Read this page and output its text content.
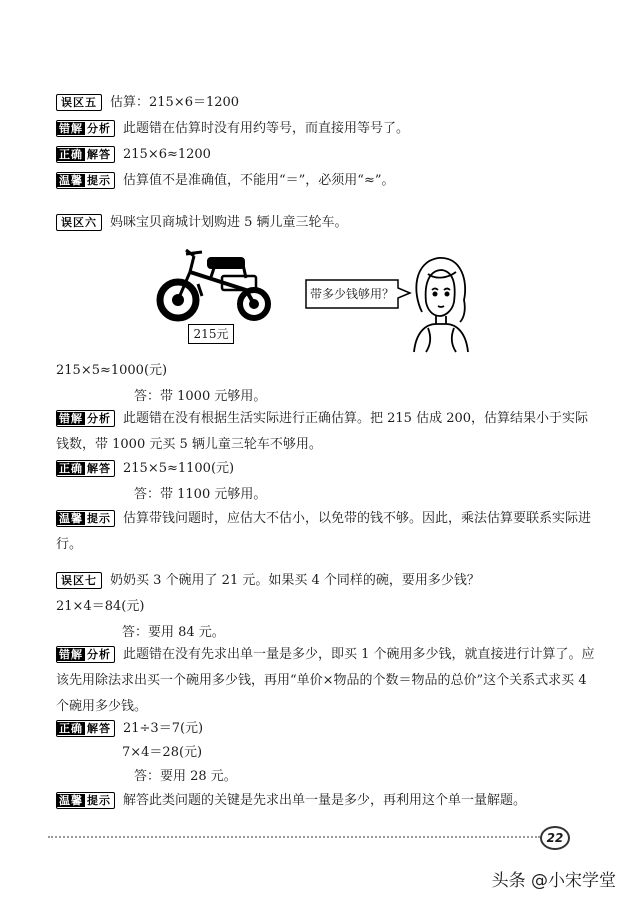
误区五 估算：215×6＝1200
错解 分析 此题错在估算时没有用约等号，而直接用等号了。
正确 解答 215×6≈1200
温馨 提示 估算值不是准确值，不能用“＝”，必须用“≈”。
误区六 妈咪宝贝商城计划购进 5 辆儿童三轮车。
215元
带多少钱够用？
215×5≈1000(元)
答：带 1000 元够用。
错解 分析 此题错在没有根据生活实际进行正确估算。把 215 估成 200，估算结果小于实际钱数，带 1000 元买 5 辆儿童三轮车不够用。
正确 解答 215×5≈1100(元)
答：带 1100 元够用。
温馨 提示 估算带钱问题时，应估大不估小，以免带的钱不够。因此，乘法估算要联系实际进行。
误区七 奶奶买 3 个碗用了 21 元。如果买 4 个同样的碗，要用多少钱？
21×4＝84(元)
答：要用 84 元。
错解 分析 此题错在没有先求出单一量是多少，即买 1 个碗用多少钱，就直接进行计算了。应该先用除法求出买一个碗用多少钱，再用“单价×物品的个数＝物品的总价”这个关系式求买 4 个碗用多少钱。
正确 解答 21÷3＝7(元)
7×4＝28(元)
答：要用 28 元。
温馨 提示 解答此类问题的关键是先求出单一量是多少，再利用这个单一量解题。
22
头条 @小宋学堂
